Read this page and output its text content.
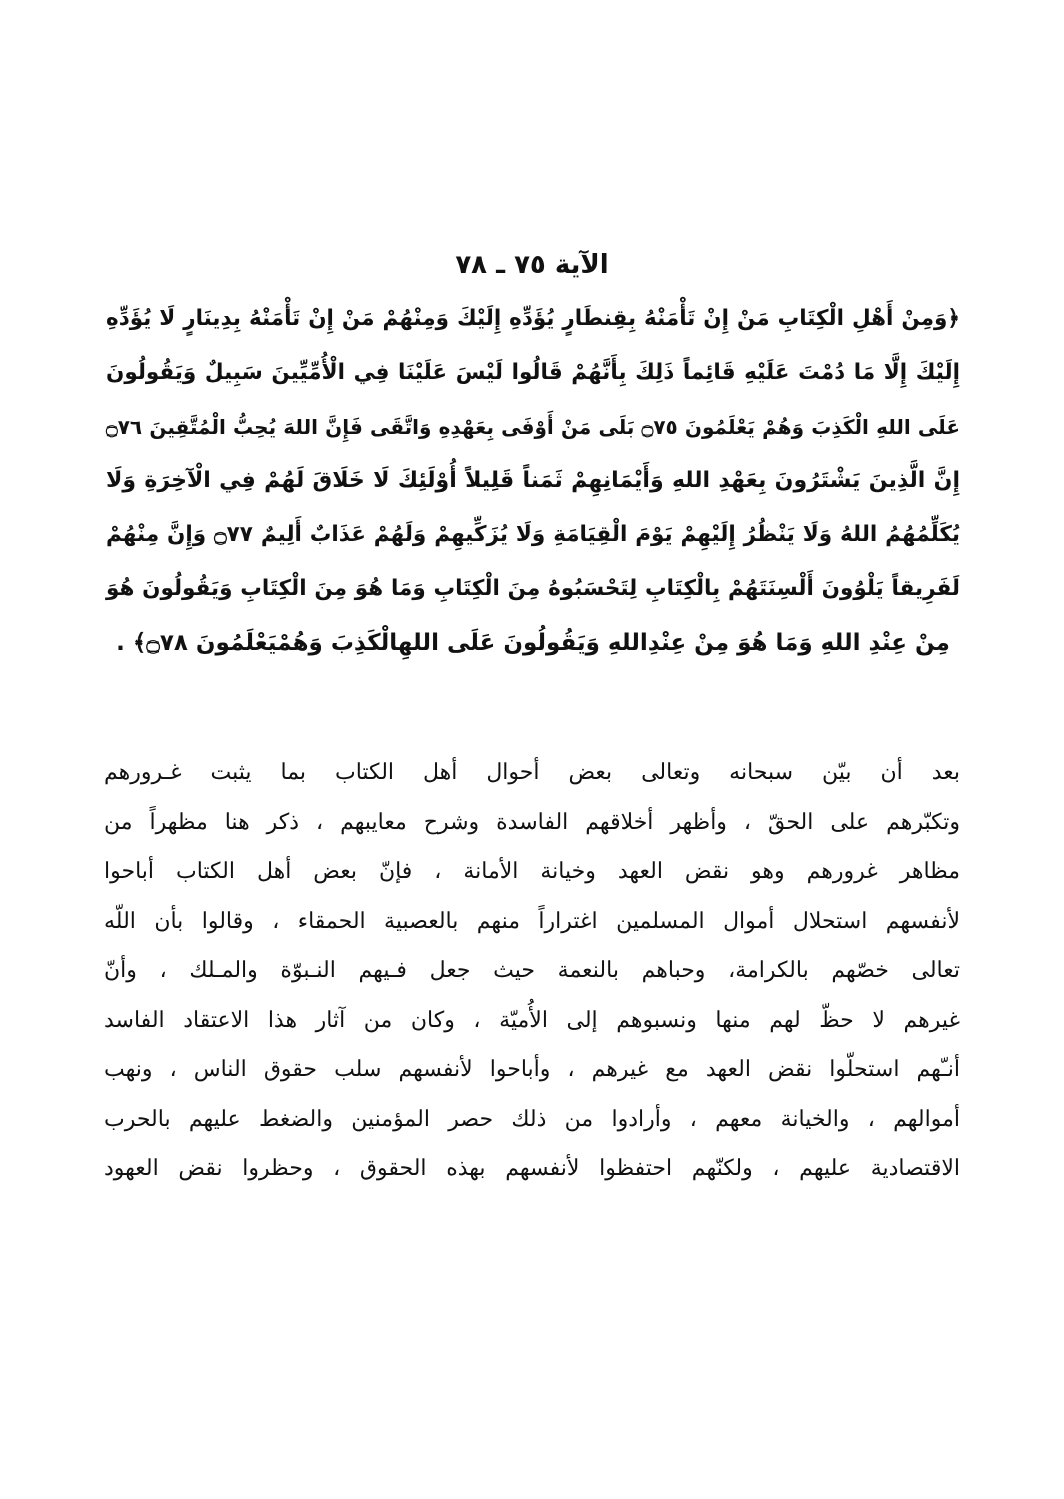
الآية ٧٥ ـ ٧٨
﴿وَمِنْ أَهْلِ الْكِتَابِ مَنْ إِنْ تَأْمَنْهُ بِقِنطَارٍ يُؤَدِّهِ إِلَيْكَ وَمِنْهُمْ مَنْ إِنْ تَأْمَنْهُ بِدِينَارٍ لَا يُؤَدِّهِ
إِلَيْكَ إِلَّا مَا دُمْتَ عَلَيْهِ قَائِماً ذَلِكَ بِأَنَّهُمْ قَالُوا لَيْسَ عَلَيْنَا فِي الْأُمِّيِّينَ سَبِيلٌ وَيَقُولُونَ
عَلَى اللهِ الْكَذِبَ وَهُمْ يَعْلَمُونَ ۝٧٥ بَلَى مَنْ أَوْفَى بِعَهْدِهِ وَاتَّقَى فَإِنَّ اللهَ يُحِبُّ الْمُتَّقِينَ ۝٧٦
إِنَّ الَّذِينَ يَشْتَرُونَ بِعَهْدِ اللهِ وَأَيْمَانِهِمْ ثَمَناً قَلِيلاً أُوْلَئِكَ لَا خَلَاقَ لَهُمْ فِي الْآخِرَةِ وَلَا
يُكَلِّمُهُمُ اللهُ وَلَا يَنْظُرُ إِلَيْهِمْ يَوْمَ الْقِيَامَةِ وَلَا يُزَكِّيهِمْ وَلَهُمْ عَذَابٌ أَلِيمٌ ۝٧٧ وَإِنَّ مِنْهُمْ
لَفَرِيقاً يَلْوُونَ أَلْسِنَتَهُمْ بِالْكِتَابِ لِتَحْسَبُوهُ مِنَ الْكِتَابِ وَمَا هُوَ مِنَ الْكِتَابِ وَيَقُولُونَ هُوَ
مِنْ عِنْدِ اللهِ وَمَا هُوَ مِنْ عِنْدِاللهِ وَيَقُولُونَ عَلَى اللهِالْكَذِبَ وَهُمْيَعْلَمُونَ ۝٧٨﴾ .
بعد أن بيّن سبحانه وتعالى بعض أحوال أهل الكتاب بما يثبت غـرورهم
وتكبّرهم على الحقّ ، وأظهر أخلاقهم الفاسدة وشرح معايبهم ، ذكر هنا مظهراً من
مظاهر غرورهم وهو نقض العهد وخيانة الأمانة ، فإنّ بعض أهل الكتاب أباحوا
لأنفسهم استحلال أموال المسلمين اغتراراً منهم بالعصبية الحمقاء ، وقالوا بأن اللّه
تعالى خصّهم بالكرامة، وحباهم بالنعمة حيث جعل فـيهم النـبوّة والمـلك ، وأنّ
غيرهم لا حظّ لهم منها ونسبوهم إلى الأُميّة ، وكان من آثار هذا الاعتقاد الفاسد
أنـّهم استحلّوا نقض العهد مع غيرهم ، وأباحوا لأنفسهم سلب حقوق الناس ، ونهب
أموالهم ، والخيانة معهم ، وأرادوا من ذلك حصر المؤمنين والضغط عليهم بالحرب
الاقتصادية عليهم ، ولكنّهم احتفظوا لأنفسهم بهذه الحقوق ، وحظروا نقض العهود
